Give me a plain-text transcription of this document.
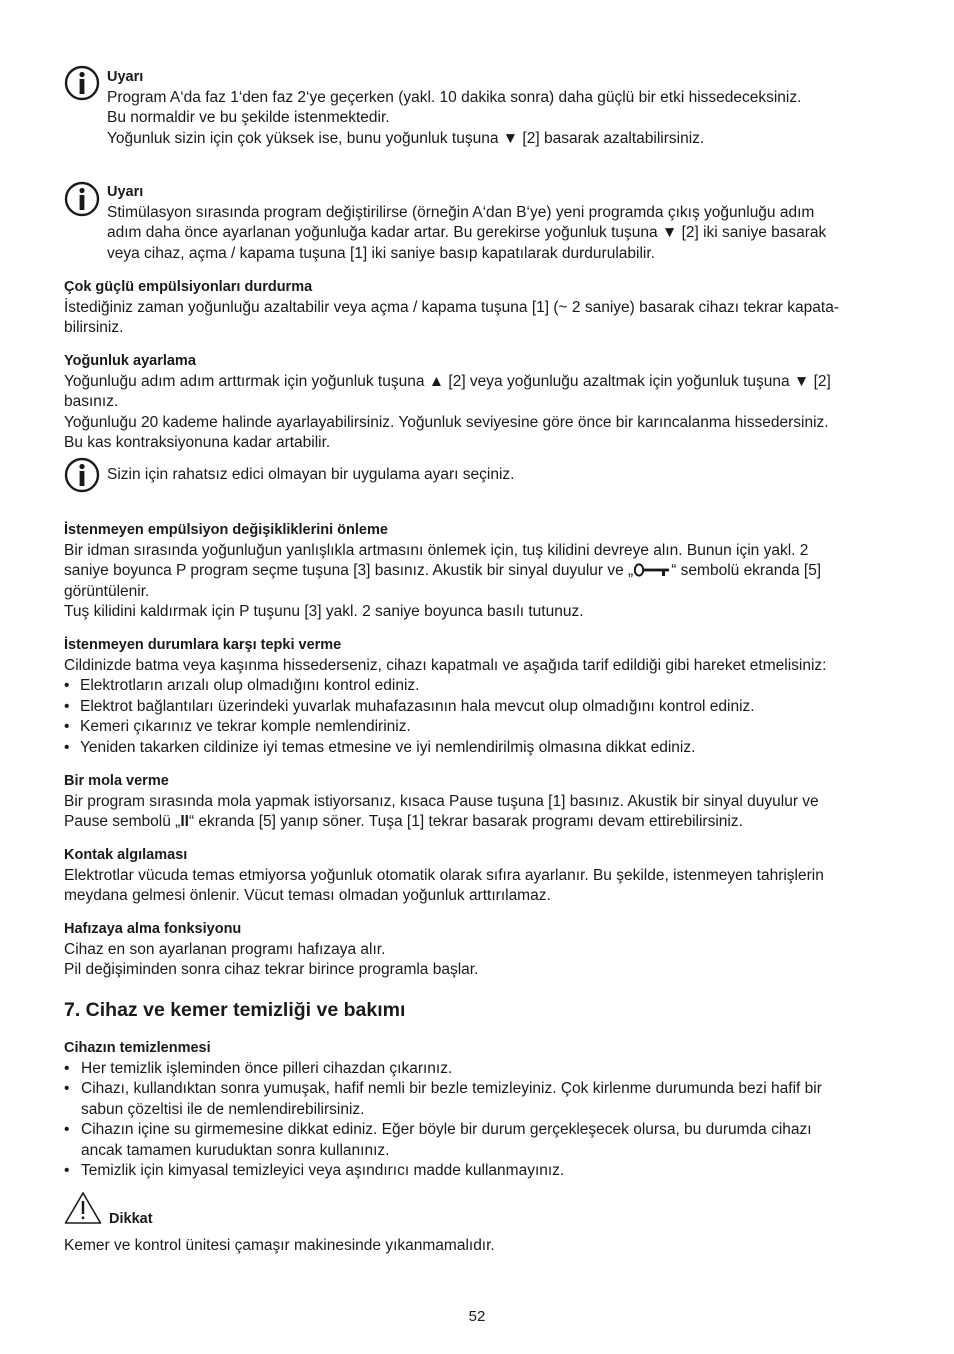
Uyarı
Program A‘da faz 1‘den faz 2‘ye geçerken (yakl. 10 dakika sonra) daha güçlü bir etki hissedeceksiniz.
Bu normaldir ve bu şekilde istenmektedir.
Yoğunluk sizin için çok yüksek ise, bunu yoğunluk tuşuna ▼ [2] basarak azaltabilirsiniz.
Uyarı
Stimülasyon sırasında program değiştirilirse (örneğin A‘dan B‘ye) yeni programda çıkış yoğunluğu adım
adım daha önce ayarlanan yoğunluğa kadar artar. Bu gerekirse yoğunluk tuşuna ▼ [2] iki saniye basarak
veya cihaz, açma / kapama tuşuna [1] iki saniye basıp kapatılarak durdurulabilir.
Çok güçlü empülsiyonları durdurma
İstediğiniz zaman yoğunluğu azaltabilir veya açma / kapama tuşuna [1] (~ 2 saniye) basarak cihazı tekrar kapata-
bilirsiniz.
Yoğunluk ayarlama
Yoğunluğu adım adım arttırmak için yoğunluk tuşuna ▲ [2] veya yoğunluğu azaltmak için yoğunluk tuşuna ▼ [2]
basınız.
Yoğunluğu 20 kademe halinde ayarlayabilirsiniz. Yoğunluk seviyesine göre önce bir karıncalanma hissedersiniz.
Bu kas kontraksiyonuna kadar artabilir.
Sizin için rahatsız edici olmayan bir uygulama ayarı seçiniz.
İstenmeyen empülsiyon değişikliklerini önleme
Bir idman sırasında yoğunluğun yanlışlıkla artmasını önlemek için, tuş kilidini devreye alın. Bunun için yakl. 2
saniye boyunca P program seçme tuşuna [3] basınız. Akustik bir sinyal duyulur ve „ “ sembolü ekranda [5]
görüntülenir.
Tuş kilidini kaldırmak için P tuşunu [3] yakl. 2 saniye boyunca basılı tutunuz.
İstenmeyen durumlara karşı tepki verme
Cildinizde batma veya kaşınma hissederseniz, cihazı kapatmalı ve aşağıda tarif edildiği gibi hareket etmelisiniz:
• Elektrotların arızalı olup olmadığını kontrol ediniz.
• Elektrot bağlantıları üzerindeki yuvarlak muhafazasının hala mevcut olup olmadığını kontrol ediniz.
• Kemeri çıkarınız ve tekrar komple nemlendiriniz.
• Yeniden takarken cildinize iyi temas etmesine ve iyi nemlendirilmiş olmasına dikkat ediniz.
Bir mola verme
Bir program sırasında mola yapmak istiyorsanız, kısaca Pause tuşuna [1] basınız. Akustik bir sinyal duyulur ve
Pause sembolü „II“ ekranda [5] yanıp söner. Tuşa [1] tekrar basarak programı devam ettirebilirsiniz.
Kontak algılaması
Elektrotlar vücuda temas etmiyorsa yoğunluk otomatik olarak sıfıra ayarlanır. Bu şekilde, istenmeyen tahrişlerin
meydana gelmesi önlenir. Vücut teması olmadan yoğunluk arttırılamaz.
Hafızaya alma fonksiyonu
Cihaz en son ayarlanan programı hafızaya alır.
Pil değişiminden sonra cihaz tekrar birince programla başlar.
7. Cihaz ve kemer temizliği ve bakımı
Cihazın temizlenmesi
• Her temizlik işleminden önce pilleri cihazdan çıkarınız.
• Cihazı, kullandıktan sonra yumuşak, hafif nemli bir bezle temizleyiniz. Çok kirlenme durumunda bezi hafif bir
sabun çözeltisi ile de nemlendirebilirsiniz.
• Cihazın içine su girmemesine dikkat ediniz. Eğer böyle bir durum gerçekleşecek olursa, bu durumda cihazı
ancak tamamen kuruduktan sonra kullanınız.
• Temizlik için kimyasal temizleyici veya aşındırıcı madde kullanmayınız.
Dikkat
Kemer ve kontrol ünitesi çamaşır makinesinde yıkanmamalıdır.
52
